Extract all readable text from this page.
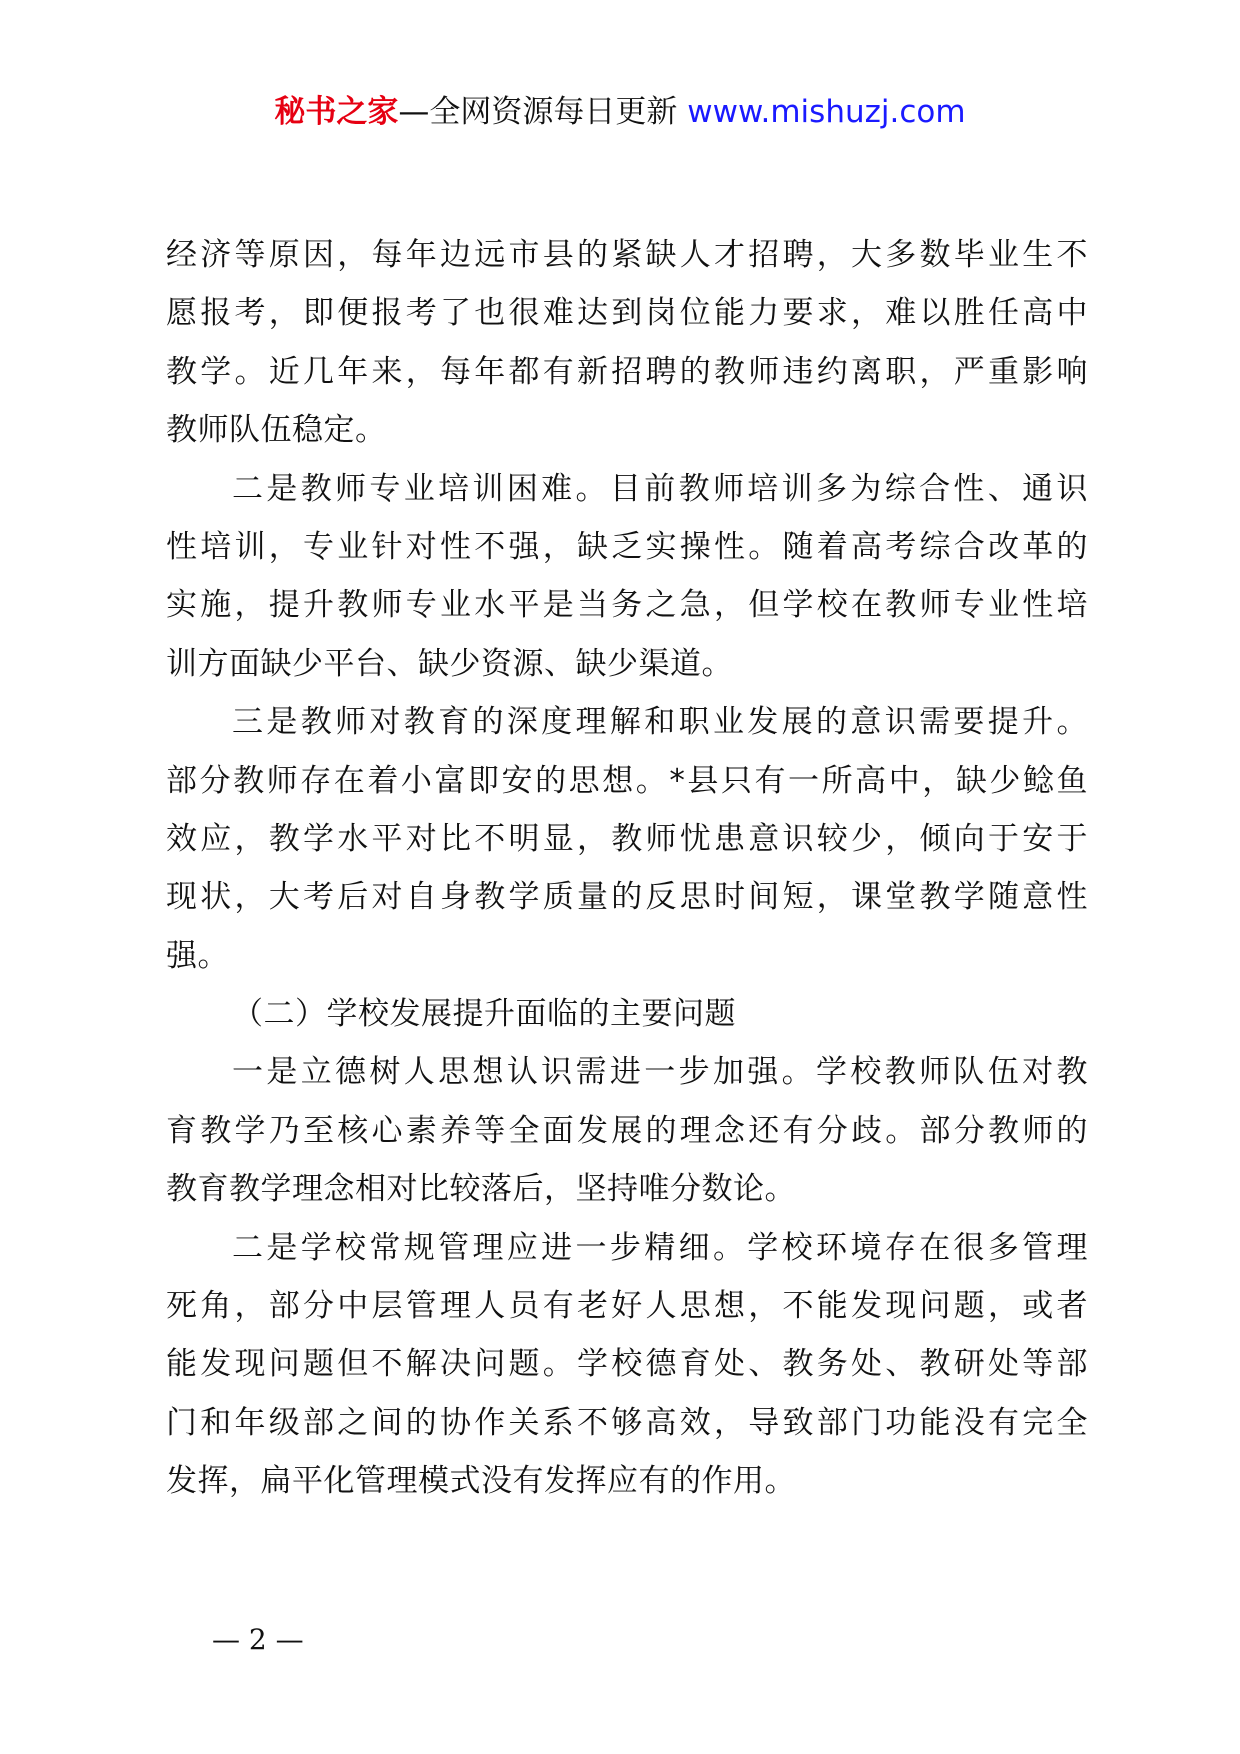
秘书之家—全网资源每日更新 www.mishuzj.com
经济等原因，每年边远市县的紧缺人才招聘，大多数毕业生不
愿报考，即便报考了也很难达到岗位能力要求，难以胜任高中
教学。近几年来，每年都有新招聘的教师违约离职，严重影响
教师队伍稳定。
二是教师专业培训困难。目前教师培训多为综合性、通识
性培训，专业针对性不强，缺乏实操性。随着高考综合改革的
实施，提升教师专业水平是当务之急，但学校在教师专业性培
训方面缺少平台、缺少资源、缺少渠道。
三是教师对教育的深度理解和职业发展的意识需要提升。
部分教师存在着小富即安的思想。*县只有一所高中，缺少鲶鱼
效应，教学水平对比不明显，教师忧患意识较少，倾向于安于
现状，大考后对自身教学质量的反思时间短，课堂教学随意性
强。
（二）学校发展提升面临的主要问题
一是立德树人思想认识需进一步加强。学校教师队伍对教
育教学乃至核心素养等全面发展的理念还有分歧。部分教师的
教育教学理念相对比较落后，坚持唯分数论。
二是学校常规管理应进一步精细。学校环境存在很多管理
死角，部分中层管理人员有老好人思想，不能发现问题，或者
能发现问题但不解决问题。学校德育处、教务处、教研处等部
门和年级部之间的协作关系不够高效，导致部门功能没有完全
发挥，扁平化管理模式没有发挥应有的作用。
— 2 —
